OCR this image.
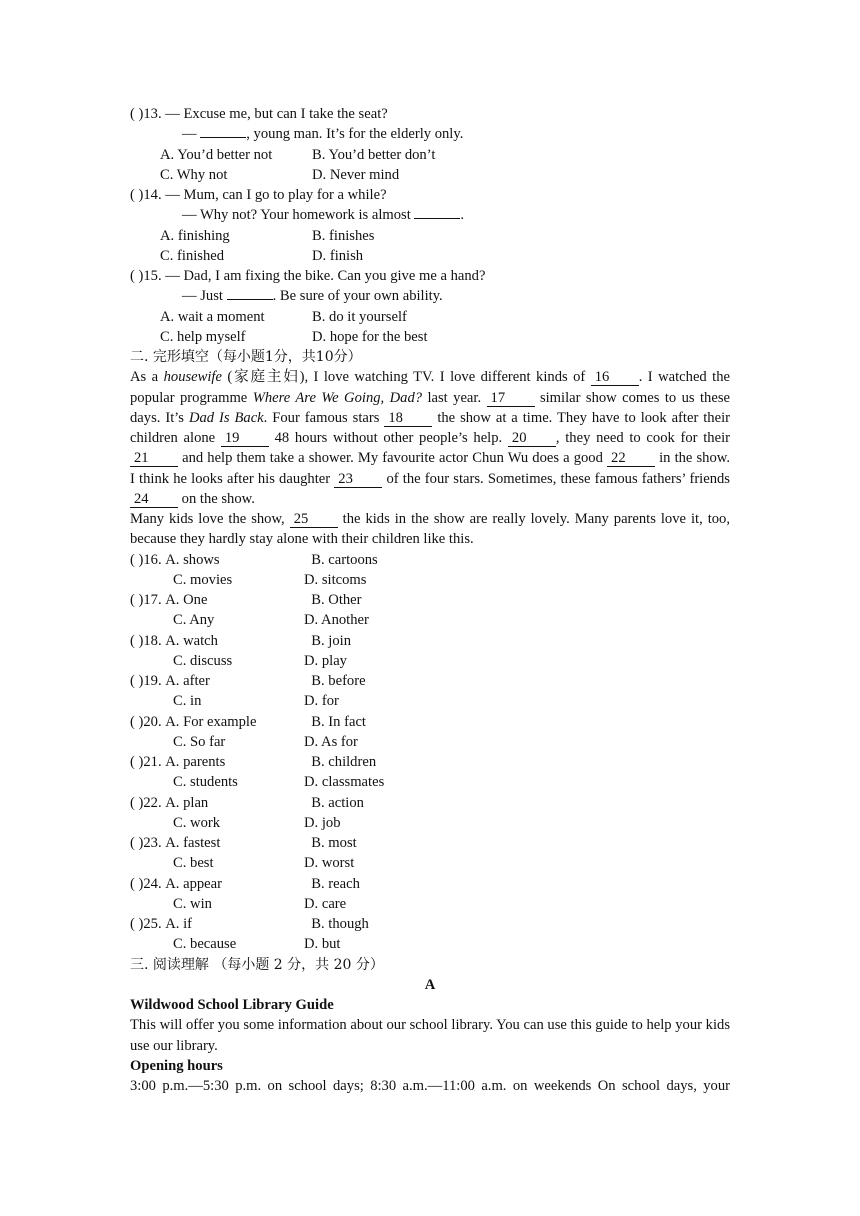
( )13. — Excuse me, but can I take the seat?
—	, young man. It’s for the elderly only.
A. You’d better not	B. You’d better don’t
C. Why not	D. Never mind
( )14. — Mum, can I go to play for a while?
— Why not? Your homework is almost	.
A. finishing	B. finishes
C. finished	D. finish
( )15. — Dad, I am fixing the bike. Can you give me a hand?
— Just	. Be sure of your own ability.
A. wait a moment	B. do it yourself
C. help myself	D. hope for the best
二. 完形填空（每小题1分，共10分）
As a housewife (家庭主妇), I love watching TV. I love different kinds of 16 . I watched the popular programme Where Are We Going, Dad? last year. 17 similar show comes to us these days. It’s Dad Is Back. Four famous stars 18 the show at a time. They have to look after their children alone 19 48 hours without other people’s help. 20 , they need to cook for their 21 and help them take a shower. My favourite actor Chun Wu does a good 22 in the show. I think he looks after his daughter 23 of the four stars. Sometimes, these famous fathers’ friends 24 on the show.
Many kids love the show, 25 the kids in the show are really lovely. Many parents love it, too, because they hardly stay alone with their children like this.
( )16. A. shows	B. cartoons
C. movies	D. sitcoms
( )17. A. One	B. Other
C. Any	D. Another
( )18. A. watch	B. join
C. discuss	D. play
( )19. A. after	B. before
C. in	D. for
( )20. A. For example	B. In fact
C. So far	D. As for
( )21. A. parents	B. children
C. students	D. classmates
( )22. A. plan	B. action
C. work	D. job
( )23. A. fastest	B. most
C. best	D. worst
( )24. A. appear	B. reach
C. win	D. care
( )25. A. if	B. though
C. because	D. but
三. 阅读理解 （每小题 2 分，共 20 分）
A
Wildwood School Library Guide
This will offer you some information about our school library. You can use this guide to help your kids use our library.
Opening hours
3:00 p.m.—5:30 p.m. on school days; 8:30 a.m.—11:00 a.m. on weekends On school days, your
